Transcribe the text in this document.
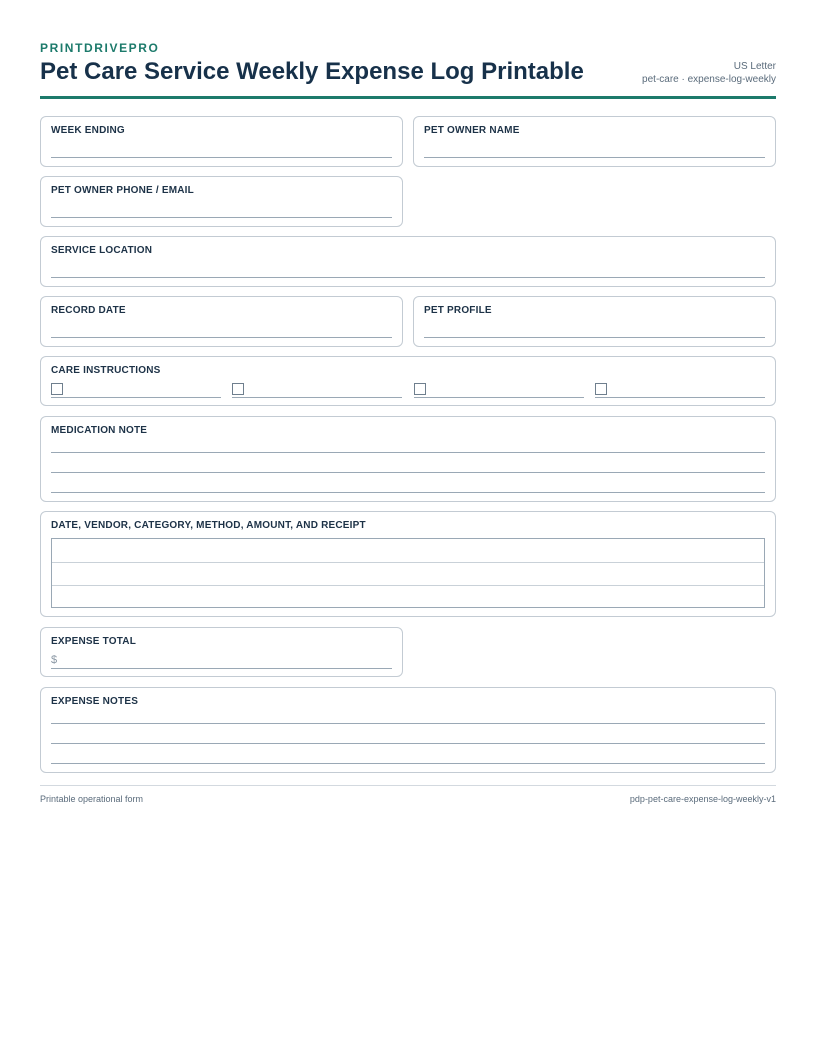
PRINTDRIVEPRO
Pet Care Service Weekly Expense Log Printable	US Letter
pet-care · expense-log-weekly
WEEK ENDING	PET OWNER NAME
PET OWNER PHONE / EMAIL
SERVICE LOCATION
RECORD DATE	PET PROFILE
CARE INSTRUCTIONS
MEDICATION NOTE
DATE, VENDOR, CATEGORY, METHOD, AMOUNT, AND RECEIPT
EXPENSE TOTAL
$
EXPENSE NOTES
Printable operational form	pdp-pet-care-expense-log-weekly-v1
